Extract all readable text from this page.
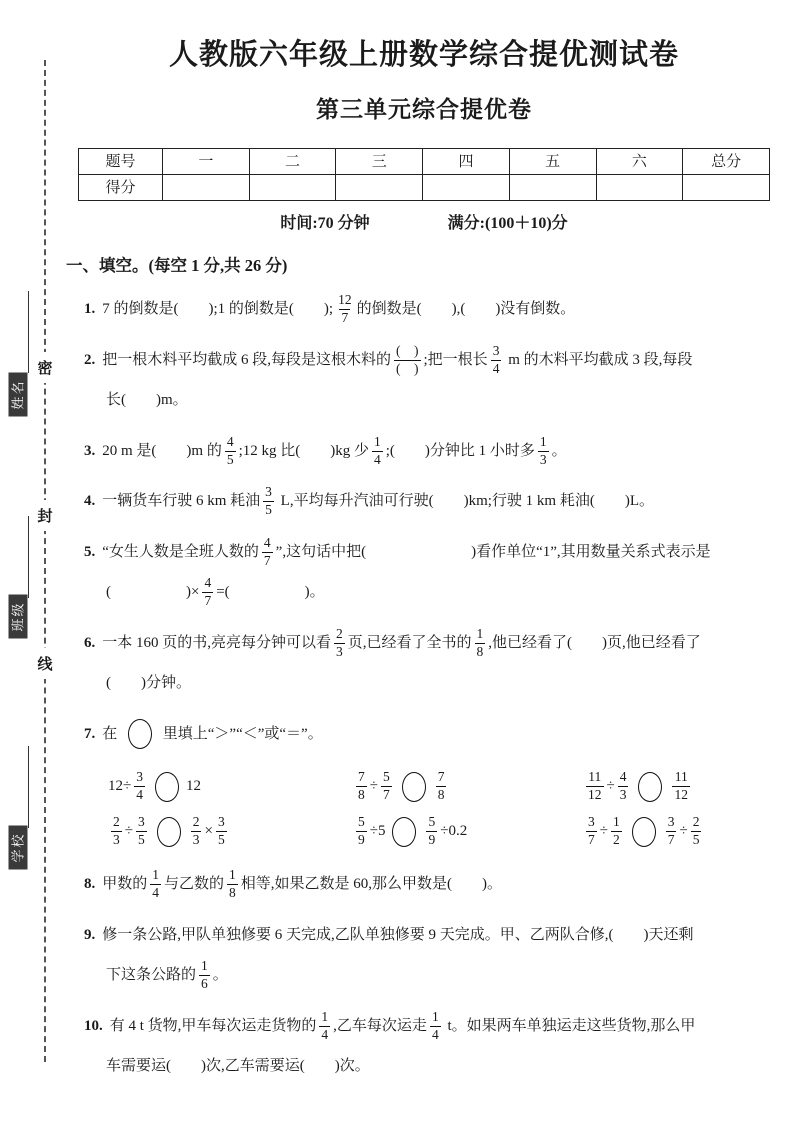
姓名
班级
学校
密
封
线
人教版六年级上册数学综合提优测试卷
第三单元综合提优卷
题号	一	二	三	四	五	六	总分
得分							
时间:70 分钟	满分:(100＋10)分
一、填空。(每空 1 分,共 26 分)
1. 7 的倒数是(  );1 的倒数是(  ); $\frac{12}{7}$ 的倒数是(  ),(  )没有倒数。
2. 把一根木料平均截成 6 段,每段是这根木料的 $\frac{( )}{( )}$ ;把一根长 $\frac{3}{4}$ m 的木料平均截成 3 段,每段
长(  )m。
3. 20 m 是(  )m 的 $\frac{4}{5}$ ;12 kg 比(  )kg 少 $\frac{1}{4}$ ;(  )分钟比 1 小时多 $\frac{1}{3}$ 。
4. 一辆货车行驶 6 km 耗油 $\frac{3}{5} L$,平均每升汽油可行驶(  )km;行驶 1 km 耗油(  )L。
5. “女生人数是全班人数的 $\frac{4}{7}$ ”,这句话中把(       )看作单位“1”,其用数量关系式表示是
(     )× $\frac{4}{7}$ =(     )。
6. 一本 160 页的书,亮亮每分钟可以看 $\frac{2}{3}$ 页,已经看了全书的 $\frac{1}{8}$ ,他已经看了(  )页,他已经看了
(  )分钟。
7. 在	里填上“＞”“＜”或“＝”。
$12\div \frac{3}{4}$	12	$\frac{7}{8} \div \frac{5}{7}$	$\frac{7}{8}$	$\frac{11}{12} \div \frac{4}{3}$	$\frac{11}{12}$
$\frac{2}{3} \div \frac{3}{5}$	$\frac{2}{3} \times \frac{3}{5}$	$\frac{5}{9} \div 5$	$\frac{5}{9} \div 0.2$	$\frac{3}{7} \div \frac{1}{2}$	$\frac{3}{7} \div \frac{2}{5}$
8. 甲数的 $\frac{1}{4}$ 与乙数的 $\frac{1}{8}$ 相等,如果乙数是 60,那么甲数是(  )。
9. 修一条公路,甲队单独修要 6 天完成,乙队单独修要 9 天完成。甲、乙两队合修,(  )天还剩
下这条公路的 $\frac{1}{6}$ 。
10. 有 4 t 货物,甲车每次运走货物的 $\frac{1}{4}$ ,乙车每次运走 $\frac{1}{4}$ t。如果两车单独运走这些货物,那么甲
车需要运(  )次,乙车需要运(  )次。
